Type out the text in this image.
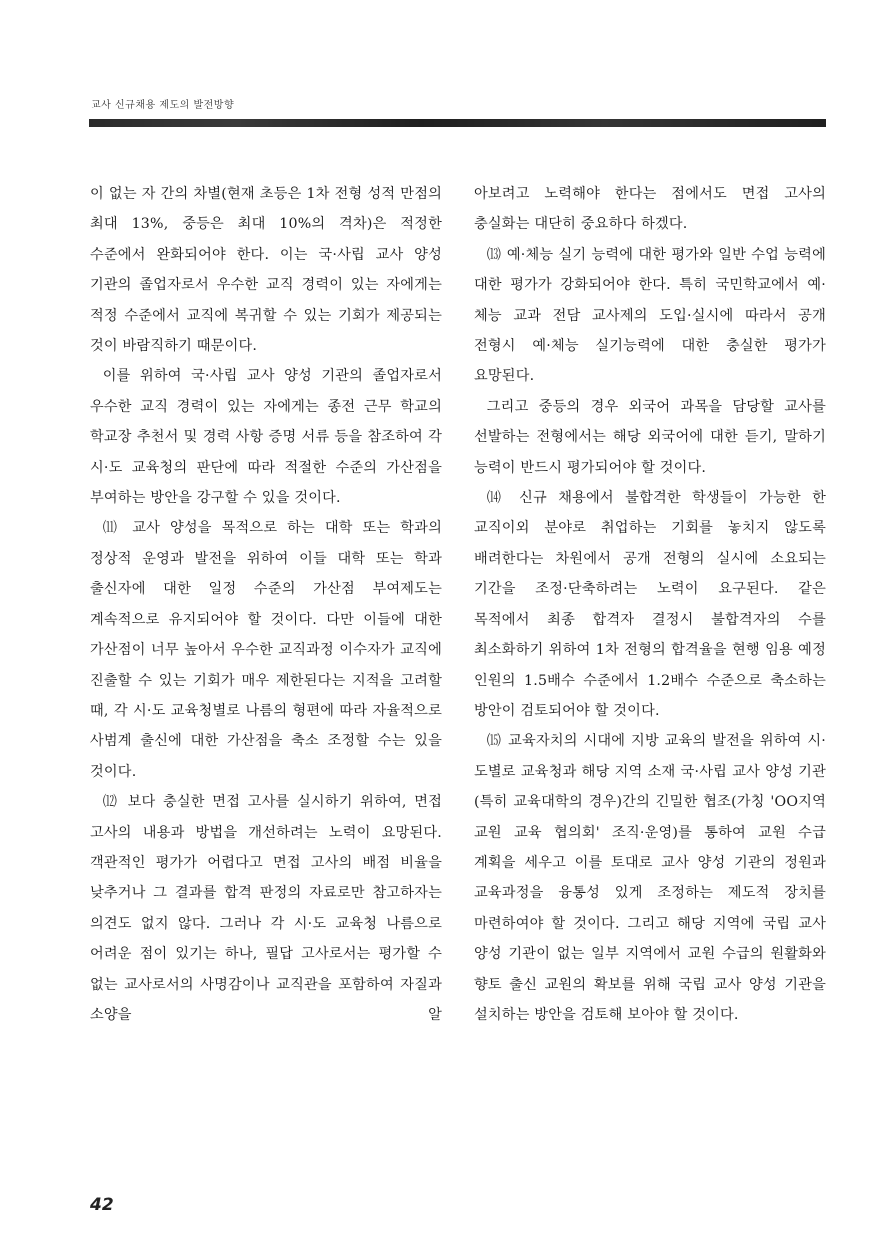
교사 신규채용 제도의 발전방향

이 없는 자 간의 차별(현재 초등은 1차 전형 성적 만점의 최대 13%, 중등은 최대 10%의 격차)은 적정한 수준에서 완화되어야 한다. 이는 국·사립 교사 양성 기관의 졸업자로서 우수한 교직 경력이 있는 자에게는 적정 수준에서 교직에 복귀할 수 있는 기회가 제공되는 것이 바람직하기 때문이다.

이를 위하여 국·사립 교사 양성 기관의 졸업자로서 우수한 교직 경력이 있는 자에게는 종전 근무 학교의 학교장 추천서 및 경력 사항 증명 서류 등을 참조하여 각 시·도 교육청의 판단에 따라 적절한 수준의 가산점을 부여하는 방안을 강구할 수 있을 것이다.

⑾ 교사 양성을 목적으로 하는 대학 또는 학과의 정상적 운영과 발전을 위하여 이들 대학 또는 학과 출신자에 대한 일정 수준의 가산점 부여제도는 계속적으로 유지되어야 할 것이다. 다만 이들에 대한 가산점이 너무 높아서 우수한 교직과정 이수자가 교직에 진출할 수 있는 기회가 매우 제한된다는 지적을 고려할 때, 각 시·도 교육청별로 나름의 형편에 따라 자율적으로 사범계 출신에 대한 가산점을 축소 조정할 수는 있을 것이다.

⑿ 보다 충실한 면접 고사를 실시하기 위하여, 면접 고사의 내용과 방법을 개선하려는 노력이 요망된다. 객관적인 평가가 어렵다고 면접 고사의 배점 비율을 낮추거나 그 결과를 합격 판정의 자료로만 참고하자는 의견도 없지 않다. 그러나 각 시·도 교육청 나름으로 어려운 점이 있기는 하나, 필답 고사로서는 평가할 수 없는 교사로서의 사명감이나 교직관을 포함하여 자질과 소양을 알

아보려고 노력해야 한다는 점에서도 면접 고사의 충실화는 대단히 중요하다 하겠다.

⒀ 예·체능 실기 능력에 대한 평가와 일반 수업 능력에 대한 평가가 강화되어야 한다. 특히 국민학교에서 예·체능 교과 전담 교사제의 도입·실시에 따라서 공개 전형시 예·체능 실기능력에 대한 충실한 평가가 요망된다.

그리고 중등의 경우 외국어 과목을 담당할 교사를 선발하는 전형에서는 해당 외국어에 대한 듣기, 말하기 능력이 반드시 평가되어야 할 것이다.

⒁ 신규 채용에서 불합격한 학생들이 가능한 한 교직이외 분야로 취업하는 기회를 놓치지 않도록 배려한다는 차원에서 공개 전형의 실시에 소요되는 기간을 조정·단축하려는 노력이 요구된다. 같은 목적에서 최종 합격자 결정시 불합격자의 수를 최소화하기 위하여 1차 전형의 합격율을 현행 임용 예정 인원의 1.5배수 수준에서 1.2배수 수준으로 축소하는 방안이 검토되어야 할 것이다.

⒂ 교육자치의 시대에 지방 교육의 발전을 위하여 시·도별로 교육청과 해당 지역 소재 국·사립 교사 양성 기관(특히 교육대학의 경우)간의 긴밀한 협조(가칭 'OO지역 교원 교육 협의회' 조직·운영)를 통하여 교원 수급 계획을 세우고 이를 토대로 교사 양성 기관의 정원과 교육과정을 융통성 있게 조정하는 제도적 장치를 마련하여야 할 것이다. 그리고 해당 지역에 국립 교사 양성 기관이 없는 일부 지역에서 교원 수급의 원활화와 향토 출신 교원의 확보를 위해 국립 교사 양성 기관을 설치하는 방안을 검토해 보아야 할 것이다.

42
